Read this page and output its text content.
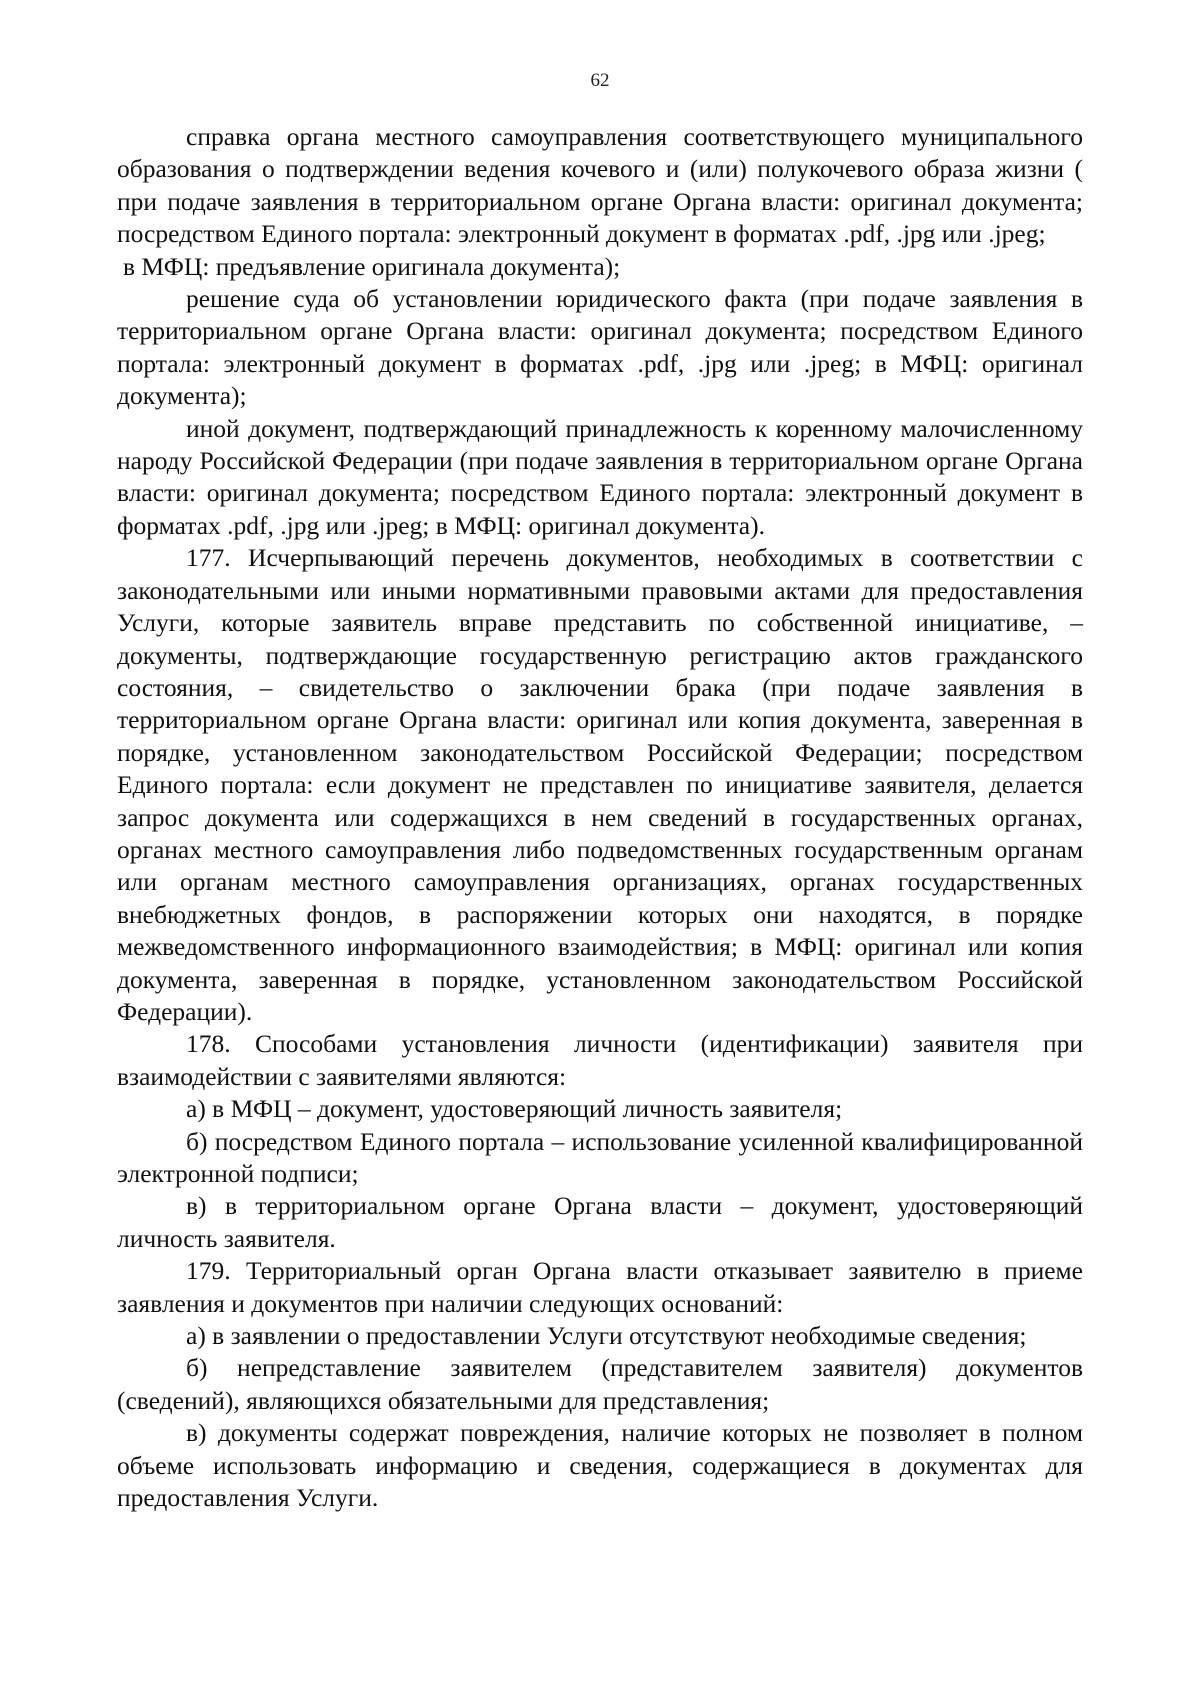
62

справка органа местного самоуправления соответствующего муниципального образования о подтверждении ведения кочевого и (или) полукочевого образа жизни ( при подаче заявления в территориальном органе Органа власти: оригинал документа; посредством Единого портала: электронный документ в форматах .pdf, .jpg или .jpeg;

в МФЦ: предъявление оригинала документа);

решение суда об установлении юридического факта (при подаче заявления в территориальном органе Органа власти: оригинал документа; посредством Единого портала: электронный документ в форматах .pdf, .jpg или .jpeg; в МФЦ: оригинал документа);

иной документ, подтверждающий принадлежность к коренному малочисленному народу Российской Федерации (при подаче заявления в территориальном органе Органа власти: оригинал документа; посредством Единого портала: электронный документ в форматах .pdf, .jpg или .jpeg; в МФЦ: оригинал документа).

177. Исчерпывающий перечень документов, необходимых в соответствии с законодательными или иными нормативными правовыми актами для предоставления Услуги, которые заявитель вправе представить по собственной инициативе, – документы, подтверждающие государственную регистрацию актов гражданского состояния, – свидетельство о заключении брака (при подаче заявления в территориальном органе Органа власти: оригинал или копия документа, заверенная в порядке, установленном законодательством Российской Федерации; посредством Единого портала: если документ не представлен по инициативе заявителя, делается запрос документа или содержащихся в нем сведений в государственных органах, органах местного самоуправления либо подведомственных государственным органам или органам местного самоуправления организациях, органах государственных внебюджетных фондов, в распоряжении которых они находятся, в порядке межведомственного информационного взаимодействия; в МФЦ: оригинал или копия документа, заверенная в порядке, установленном законодательством Российской Федерации).

178. Способами установления личности (идентификации) заявителя при взаимодействии с заявителями являются:

а) в МФЦ – документ, удостоверяющий личность заявителя;

б) посредством Единого портала – использование усиленной квалифицированной электронной подписи;

в) в территориальном органе Органа власти – документ, удостоверяющий личность заявителя.

179. Территориальный орган Органа власти отказывает заявителю в приеме заявления и документов при наличии следующих оснований:

а) в заявлении о предоставлении Услуги отсутствуют необходимые сведения;

б) непредставление заявителем (представителем заявителя) документов (сведений), являющихся обязательными для представления;

в) документы содержат повреждения, наличие которых не позволяет в полном объеме использовать информацию и сведения, содержащиеся в документах для предоставления Услуги.
